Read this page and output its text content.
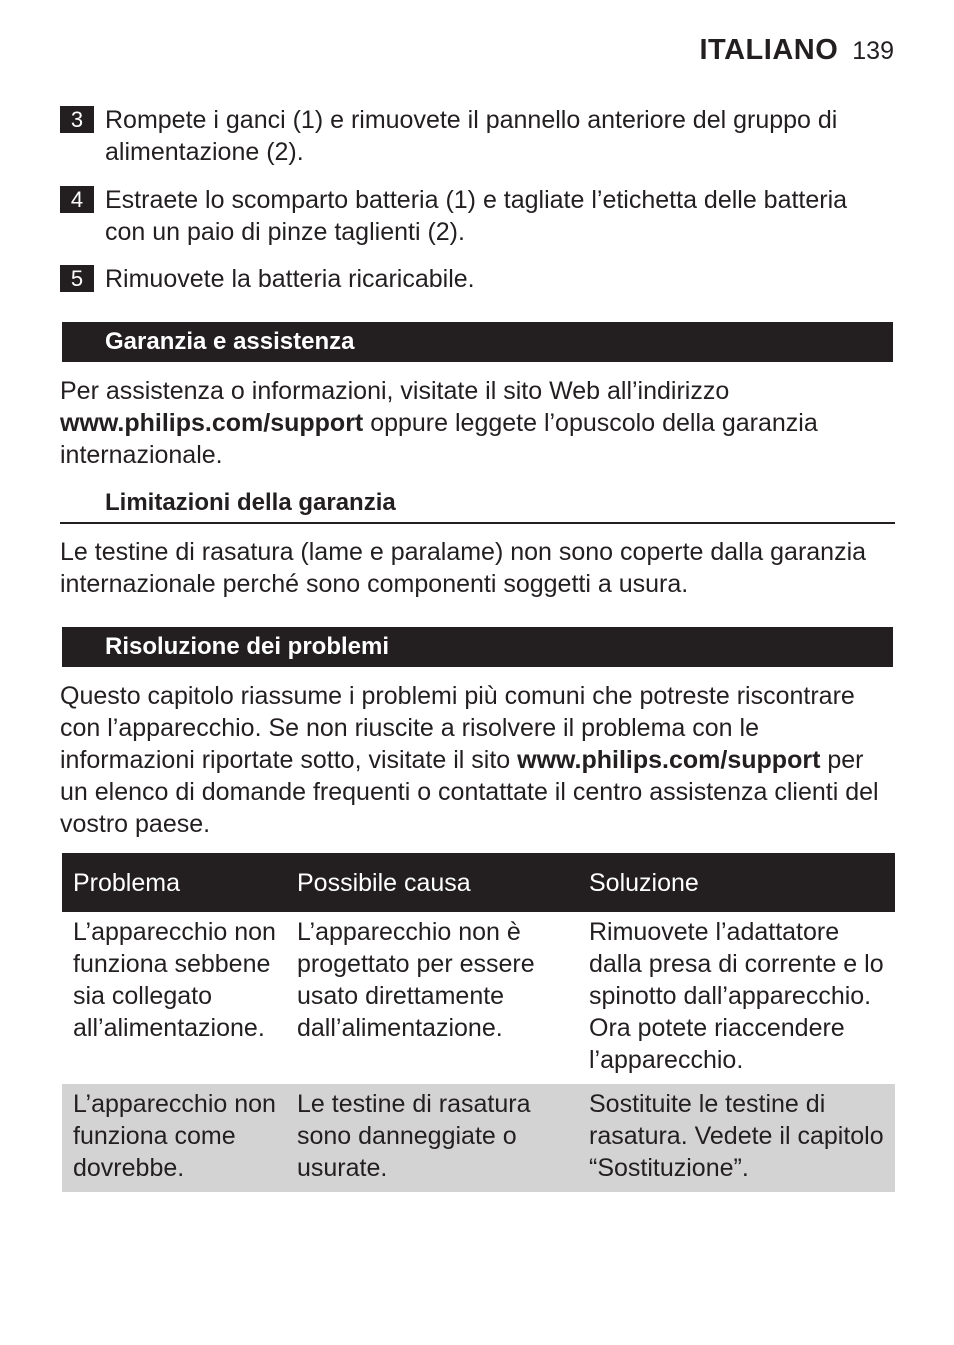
ITALIANO 139
3 Rompete i ganci (1) e rimuovete il pannello anteriore del gruppo di alimentazione (2).
4 Estraete lo scomparto batteria (1) e tagliate l’etichetta delle batteria con un paio di pinze taglienti (2).
5 Rimuovete la batteria ricaricabile.
Garanzia e assistenza
Per assistenza o informazioni, visitate il sito Web all’indirizzo www.philips.com/support oppure leggete l’opuscolo della garanzia internazionale.
Limitazioni della garanzia
Le testine di rasatura (lame e paralame) non sono coperte dalla garanzia internazionale perché sono componenti soggetti a usura.
Risoluzione dei problemi
Questo capitolo riassume i problemi più comuni che potreste riscontrare con l’apparecchio. Se non riuscite a risolvere il problema con le informazioni riportate sotto, visitate il sito www.philips.com/support per un elenco di domande frequenti o contattate il centro assistenza clienti del vostro paese.
Problema	Possibile causa	Soluzione
L’apparecchio non funziona sebbene sia collegato all’alimentazione.	L’apparecchio non è progettato per essere usato direttamente dall’alimentazione.	Rimuovete l’adattatore dalla presa di corrente e lo spinotto dall’apparecchio. Ora potete riaccendere l’apparecchio.
L’apparecchio non funziona come dovrebbe.	Le testine di rasatura sono danneggiate o usurate.	Sostituite le testine di rasatura. Vedete il capitolo “Sostituzione”.
